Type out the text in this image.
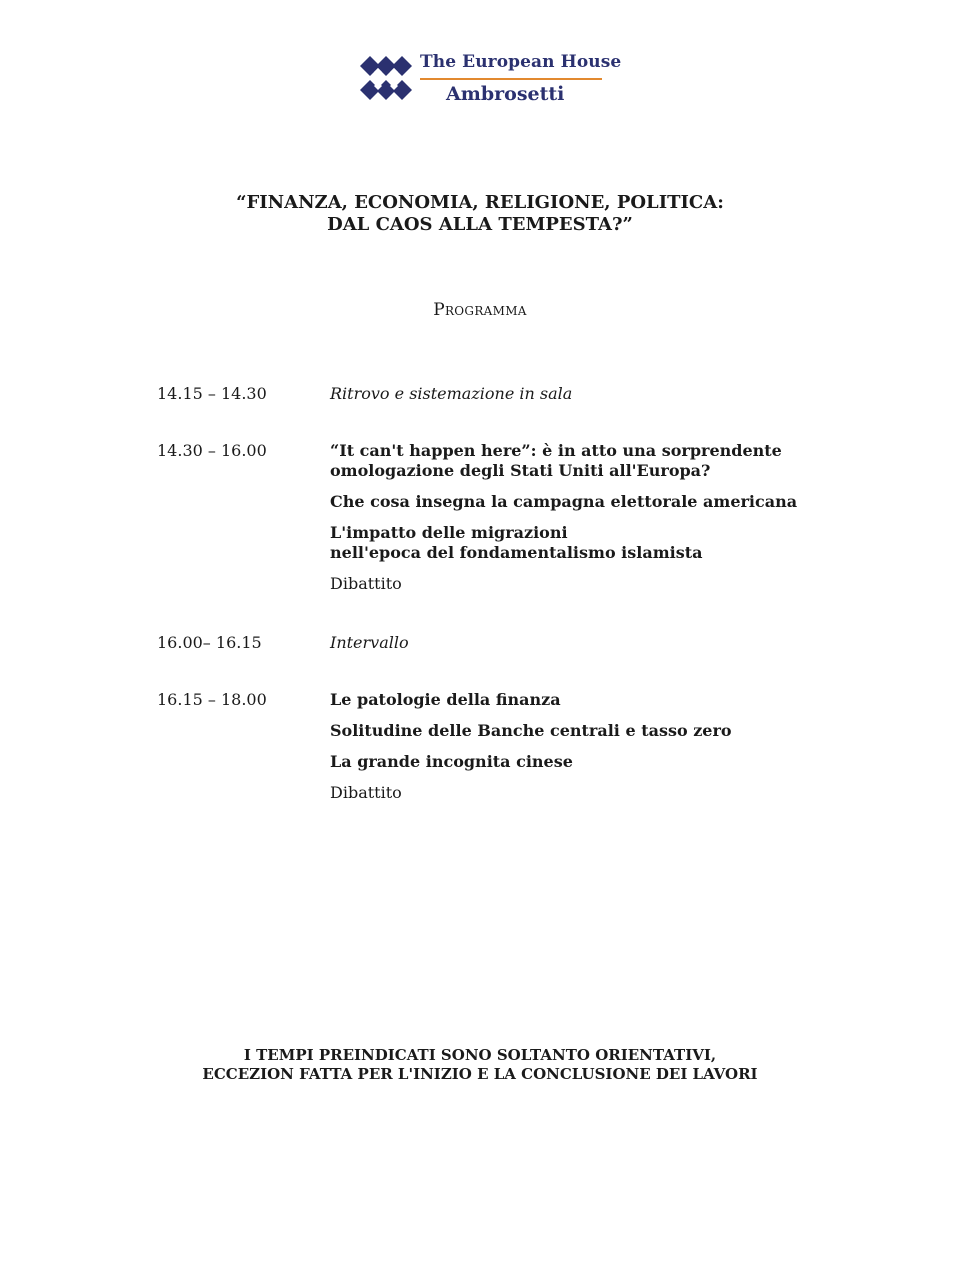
The European House
Ambrosetti
“FINANZA, ECONOMIA, RELIGIONE, POLITICA:
DAL CAOS ALLA TEMPESTA?”
Programma
14.15 – 14.30	Ritrovo e sistemazione in sala
14.30 – 16.00	“It can't happen here”: è in atto una sorprendente
omologazione degli Stati Uniti all'Europa?
Che cosa insegna la campagna elettorale americana
L'impatto delle migrazioni
nell'epoca del fondamentalismo islamista
Dibattito
16.00– 16.15	Intervallo
16.15 – 18.00	Le patologie della finanza
Solitudine delle Banche centrali e tasso zero
La grande incognita cinese
Dibattito
I TEMPI PREINDICATI SONO SOLTANTO ORIENTATIVI,
ECCEZION FATTA PER L'INIZIO E LA CONCLUSIONE DEI LAVORI
